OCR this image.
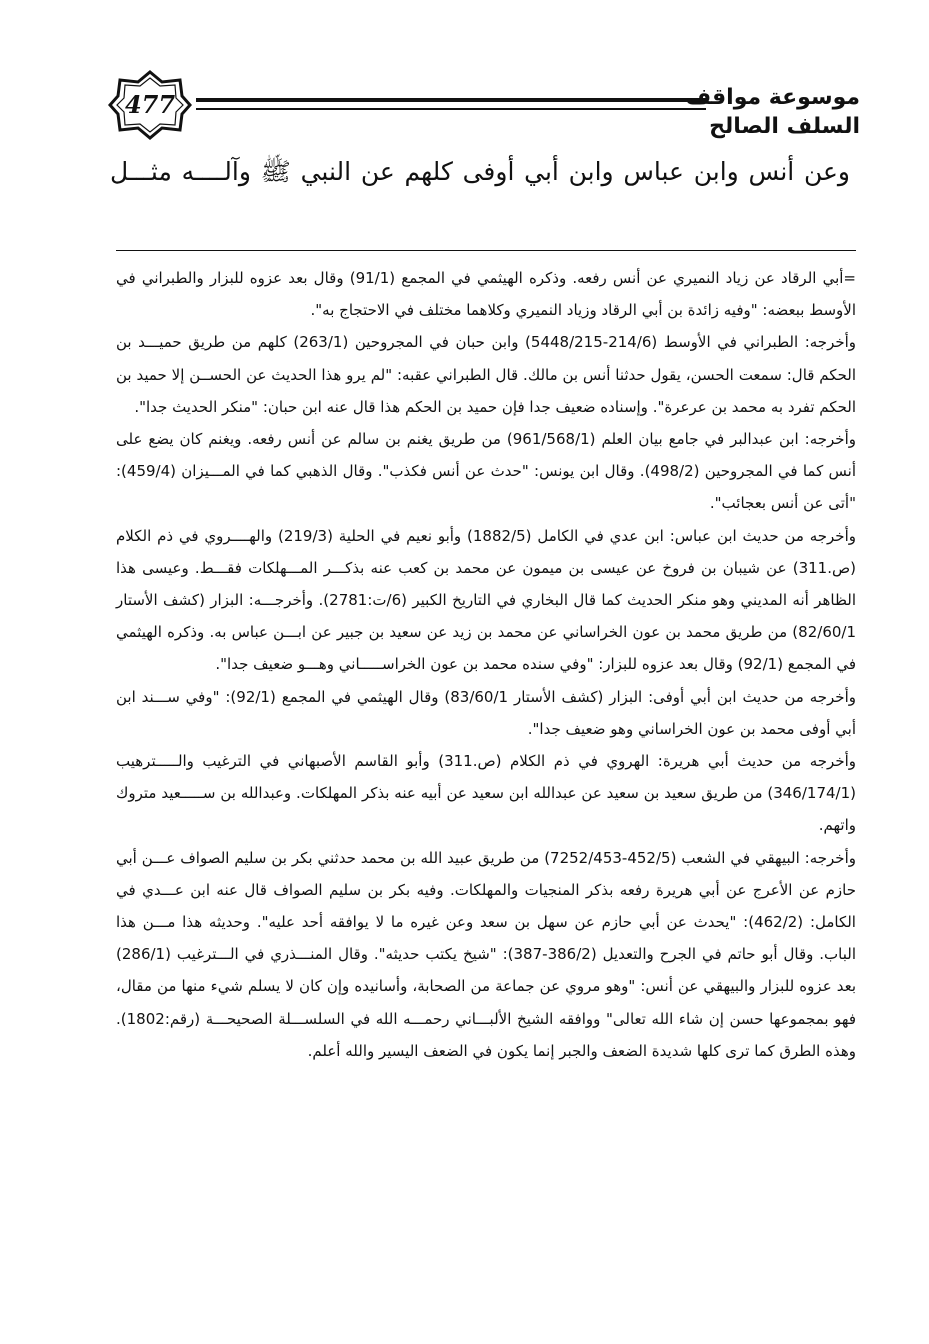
477	موسوعة مواقف السلف الصالح
وعن أنس وابن عباس وابن أبي أوفى كلهم عن النبي ﷺ وآلــــه مثـــل

=أبي الرقاد عن زياد النميري عن أنس رفعه. وذكره الهيثمي في المجمع (91/1) وقال بعد عزوه للبزار والطبراني في الأوسط ببعضه: "وفيه زائدة بن أبي الرقاد وزياد النميري وكلاهما مختلف في الاحتجاج به".

وأخرجه: الطبراني في الأوسط (214/6-5448/215) وابن حبان في المجروحين (263/1) كلهم من طريق حميـــد بن الحكم قال: سمعت الحسن، يقول حدثنا أنس بن مالك. قال الطبراني عقبه: "لم يرو هذا الحديث عن الحســن إلا حميد بن الحكم تفرد به محمد بن عرعرة". وإسناده ضعيف جدا فإن حميد بن الحكم هذا قال عنه ابن حبان: "منكر الحديث جدا".

وأخرجه: ابن عبدالبر في جامع بيان العلم (961/568/1) من طريق يغنم بن سالم عن أنس رفعه. ويغنم كان يضع على أنس كما في المجروحين (498/2). وقال ابن يونس: "حدث عن أنس فكذب". وقال الذهبي كما في المـــيزان (459/4): "أتى عن أنس بعجائب".

وأخرجه من حديث ابن عباس: ابن عدي في الكامل (1882/5) وأبو نعيم في الحلية (219/3) والهــــروي في ذم الكلام (ص.311) عن شيبان بن فروخ عن عيسى بن ميمون عن محمد بن كعب عنه بذكـــر المـــهلكات فقـــط. وعيسى هذا الظاهر أنه المديني وهو منكر الحديث كما قال البخاري في التاريخ الكبير (6/ت:2781). وأخرجـــه: البزار (كشف الأستار 82/60/1) من طريق محمد بن عون الخراساني عن محمد بن زيد عن سعيد بن جبير عن ابـــن عباس به. وذكره الهيثمي في المجمع (92/1) وقال بعد عزوه للبزار: "وفي سنده محمد بن عون الخراســـــاني وهـــو ضعيف جدا".

وأخرجه من حديث ابن أبي أوفى: البزار (كشف الأستار 83/60/1) وقال الهيثمي في المجمع (92/1): "وفي ســـند ابن أبي أوفى محمد بن عون الخراساني وهو ضعيف جدا".

وأخرجه من حديث أبي هريرة: الهروي في ذم الكلام (ص.311) وأبو القاسم الأصبهاني في الترغيب والـــــترهيب (346/174/1) من طريق سعيد بن سعيد عن عبدالله ابن سعيد عن أبيه عنه بذكر المهلكات. وعبدالله بن ســـــعيد متروك واتهم.

وأخرجه: البيهقي في الشعب (452/5-7252/453) من طريق عبيد الله بن محمد حدثني بكر بن سليم الصواف عـــن أبي حازم عن الأعرج عن أبي هريرة رفعه بذكر المنجيات والمهلكات. وفيه بكر بن سليم الصواف قال عنه ابن عـــدي في الكامل: (462/2): "يحدث عن أبي حازم عن سهل بن سعد وعن غيره ما لا يوافقه أحد عليه". وحديثه هذا مـــن هذا الباب. وقال أبو حاتم في الجرح والتعديل (386/2-387): "شيخ يكتب حديثه". وقال المنـــذري في الـــترغيب (286/1) بعد عزوه للبزار والبيهقي عن أنس: "وهو مروي عن جماعة من الصحابة، وأسانيده وإن كان لا يسلم شيء منها من مقال، فهو بمجموعها حسن إن شاء الله تعالى" ووافقه الشيخ الألبـــاني رحمـــه الله في السلســـلة الصحيحـــة (رقم:1802). وهذه الطرق كما ترى كلها شديدة الضعف والجبر إنما يكون في الضعف اليسير والله أعلم.
